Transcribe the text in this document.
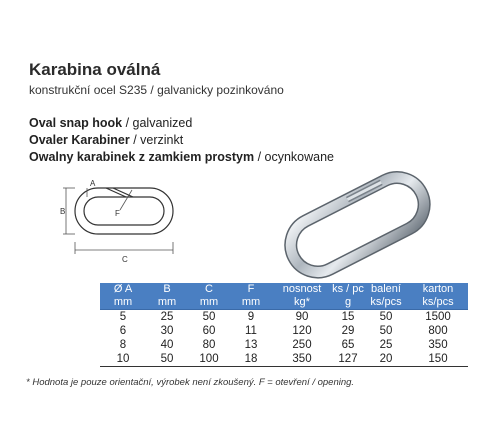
Karabina oválná
konstrukční ocel S235 / galvanicky pozinkováno
Oval snap hook / galvanized
Ovaler Karabiner / verzinkt
Owalny karabinek z zamkiem prostym / ocynkowane
A
B
C
F
Ø A	B	C	F	nosnost	ks / pc	balení	karton
mm	mm	mm	mm	kg*	g	ks/pcs	ks/pcs
5	25	50	9	90	15	50	1500
6	30	60	11	120	29	50	800
8	40	80	13	250	65	25	350
10	50	100	18	350	127	20	150
* Hodnota je pouze orientační, výrobek není zkoušený. F = otevření / opening.
